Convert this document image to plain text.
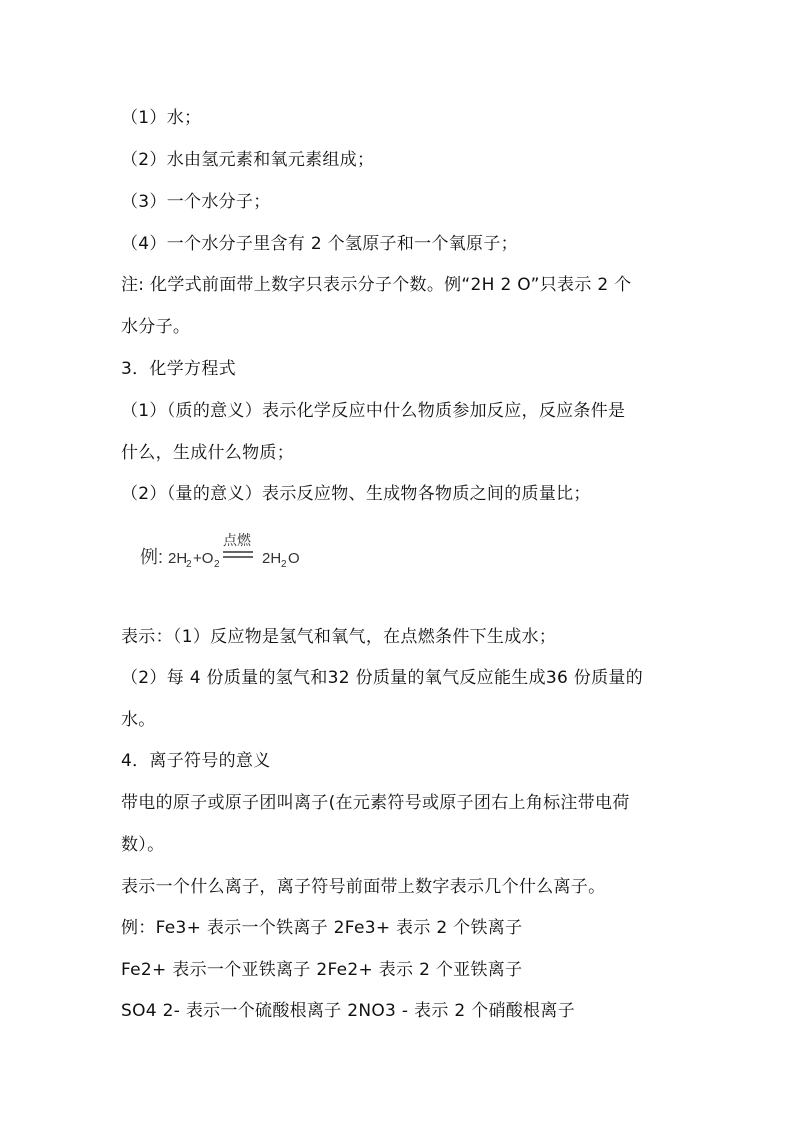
（1）水；
（2）水由氢元素和氧元素组成；
（3）一个水分子；
（4）一个水分子里含有 2 个氢原子和一个氧原子；
注: 化学式前面带上数字只表示分子个数。例“2H 2 O”只表示 2 个
水分子。
3．化学方程式
（1）（质的意义）表示化学反应中什么物质参加反应，反应条件是
什么，生成什么物质；
（2）（量的意义）表示反应物、生成物各物质之间的质量比；
例: 2H
2 +O 2
点燃
2H 2 O
表示：（1）反应物是氢气和氧气，在点燃条件下生成水；
（2）每 4 份质量的氢气和32 份质量的氧气反应能生成36 份质量的
水。
4．离子符号的意义
带电的原子或原子团叫离子(在元素符号或原子团右上角标注带电荷
数）。
表示一个什么离子，离子符号前面带上数字表示几个什么离子。
例：Fe3+ 表示一个铁离子 2Fe3+ 表示 2 个铁离子
Fe2+ 表示一个亚铁离子 2Fe2+ 表示 2 个亚铁离子
SO4 2- 表示一个硫酸根离子 2NO3 - 表示 2 个硝酸根离子
